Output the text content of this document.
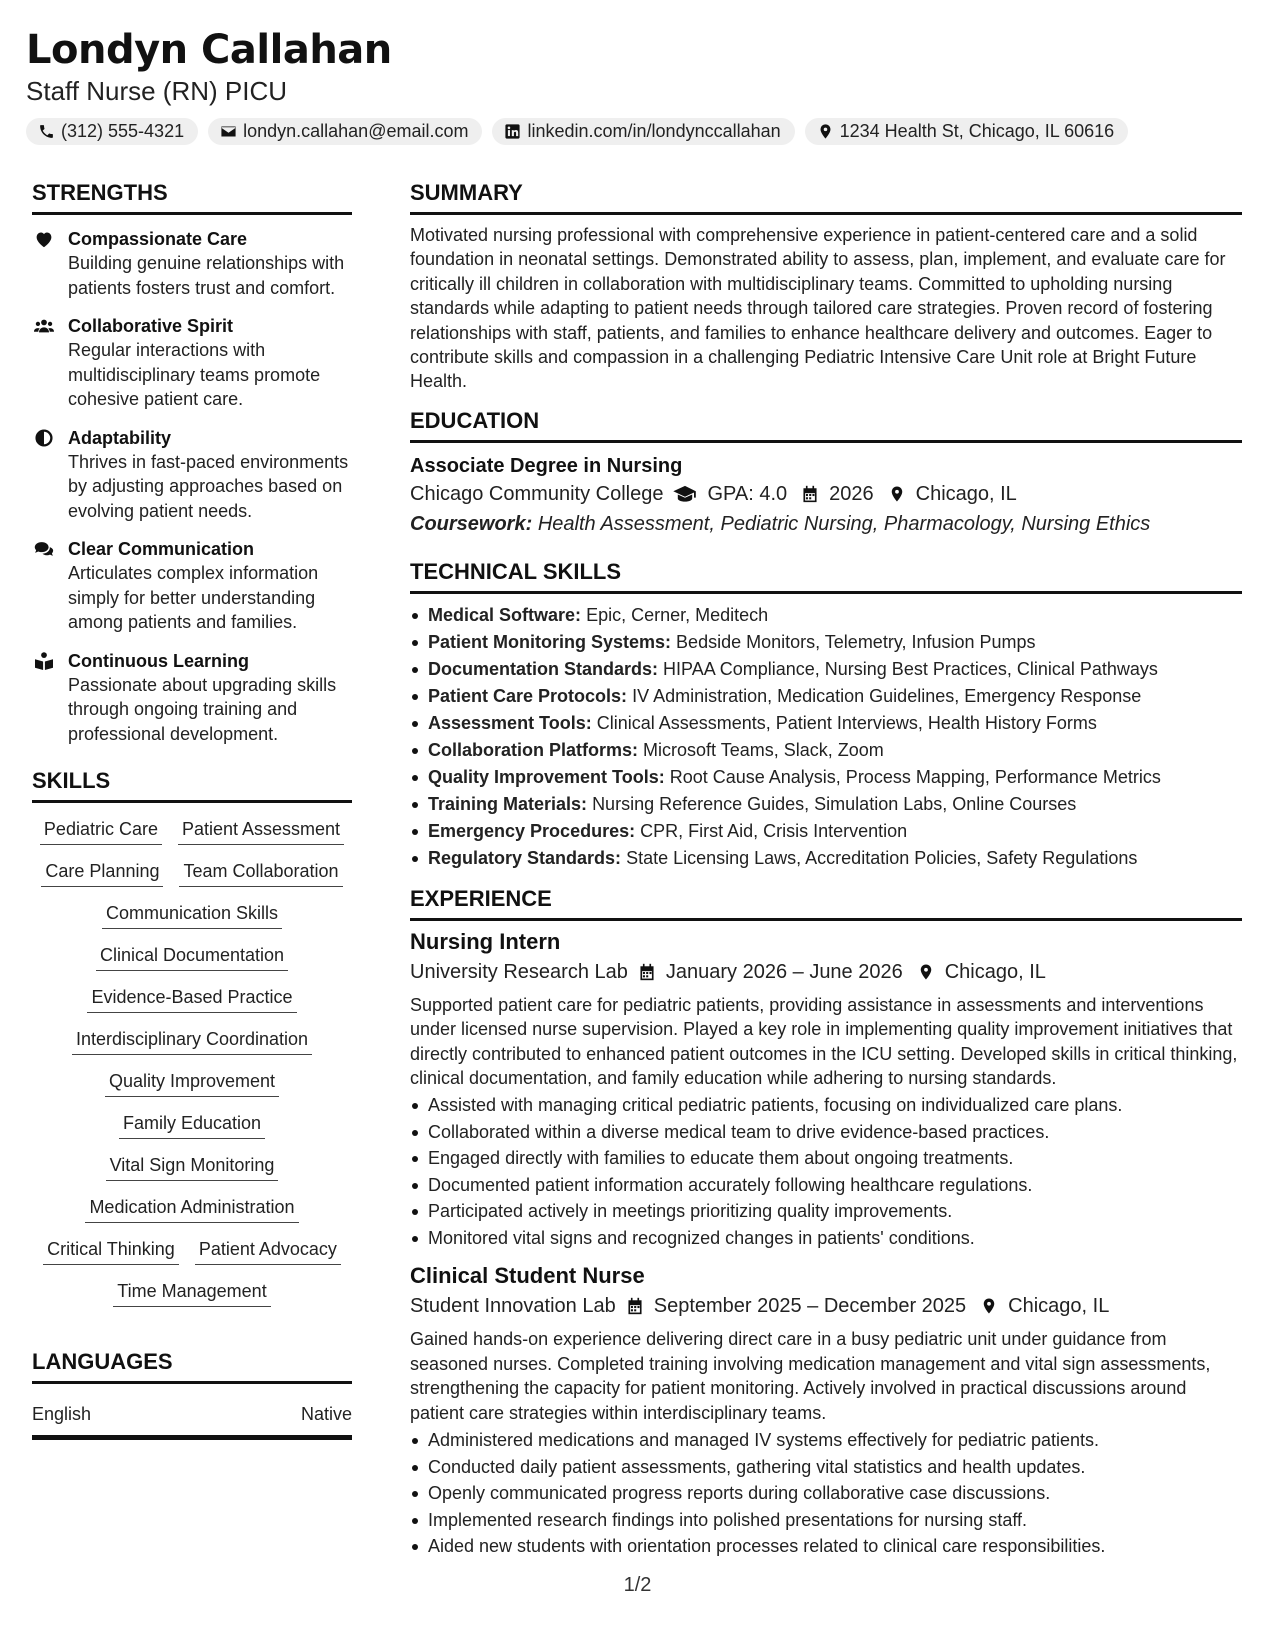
Londyn Callahan
Staff Nurse (RN) PICU
(312) 555-4321	londyn.callahan@email.com	linkedin.com/in/londynccallahan	1234 Health St, Chicago, IL 60616
STRENGTHS
Compassionate Care
Building genuine relationships with patients fosters trust and comfort.
Collaborative Spirit
Regular interactions with multidisciplinary teams promote cohesive patient care.
Adaptability
Thrives in fast-paced environments by adjusting approaches based on evolving patient needs.
Clear Communication
Articulates complex information simply for better understanding among patients and families.
Continuous Learning
Passionate about upgrading skills through ongoing training and professional development.
SKILLS
Pediatric Care Patient Assessment
Care Planning Team Collaboration
Communication Skills
Clinical Documentation
Evidence-Based Practice
Interdisciplinary Coordination
Quality Improvement
Family Education
Vital Sign Monitoring
Medication Administration
Critical Thinking Patient Advocacy
Time Management
LANGUAGES
English	Native
SUMMARY
Motivated nursing professional with comprehensive experience in patient-centered care and a solid foundation in neonatal settings. Demonstrated ability to assess, plan, implement, and evaluate care for critically ill children in collaboration with multidisciplinary teams. Committed to upholding nursing standards while adapting to patient needs through tailored care strategies. Proven record of fostering relationships with staff, patients, and families to enhance healthcare delivery and outcomes. Eager to contribute skills and compassion in a challenging Pediatric Intensive Care Unit role at Bright Future Health.
EDUCATION
Associate Degree in Nursing
Chicago Community College GPA: 4.0 2026 Chicago, IL
Coursework: Health Assessment, Pediatric Nursing, Pharmacology, Nursing Ethics
TECHNICAL SKILLS
Medical Software: Epic, Cerner, Meditech
Patient Monitoring Systems: Bedside Monitors, Telemetry, Infusion Pumps
Documentation Standards: HIPAA Compliance, Nursing Best Practices, Clinical Pathways
Patient Care Protocols: IV Administration, Medication Guidelines, Emergency Response
Assessment Tools: Clinical Assessments, Patient Interviews, Health History Forms
Collaboration Platforms: Microsoft Teams, Slack, Zoom
Quality Improvement Tools: Root Cause Analysis, Process Mapping, Performance Metrics
Training Materials: Nursing Reference Guides, Simulation Labs, Online Courses
Emergency Procedures: CPR, First Aid, Crisis Intervention
Regulatory Standards: State Licensing Laws, Accreditation Policies, Safety Regulations
EXPERIENCE
Nursing Intern
University Research Lab January 2026 – June 2026 Chicago, IL
Supported patient care for pediatric patients, providing assistance in assessments and interventions under licensed nurse supervision. Played a key role in implementing quality improvement initiatives that directly contributed to enhanced patient outcomes in the ICU setting. Developed skills in critical thinking, clinical documentation, and family education while adhering to nursing standards.
Assisted with managing critical pediatric patients, focusing on individualized care plans.
Collaborated within a diverse medical team to drive evidence-based practices.
Engaged directly with families to educate them about ongoing treatments.
Documented patient information accurately following healthcare regulations.
Participated actively in meetings prioritizing quality improvements.
Monitored vital signs and recognized changes in patients' conditions.
Clinical Student Nurse
Student Innovation Lab September 2025 – December 2025 Chicago, IL
Gained hands-on experience delivering direct care in a busy pediatric unit under guidance from seasoned nurses. Completed training involving medication management and vital sign assessments, strengthening the capacity for patient monitoring. Actively involved in practical discussions around patient care strategies within interdisciplinary teams.
Administered medications and managed IV systems effectively for pediatric patients.
Conducted daily patient assessments, gathering vital statistics and health updates.
Openly communicated progress reports during collaborative case discussions.
Implemented research findings into polished presentations for nursing staff.
Aided new students with orientation processes related to clinical care responsibilities.
1/2
